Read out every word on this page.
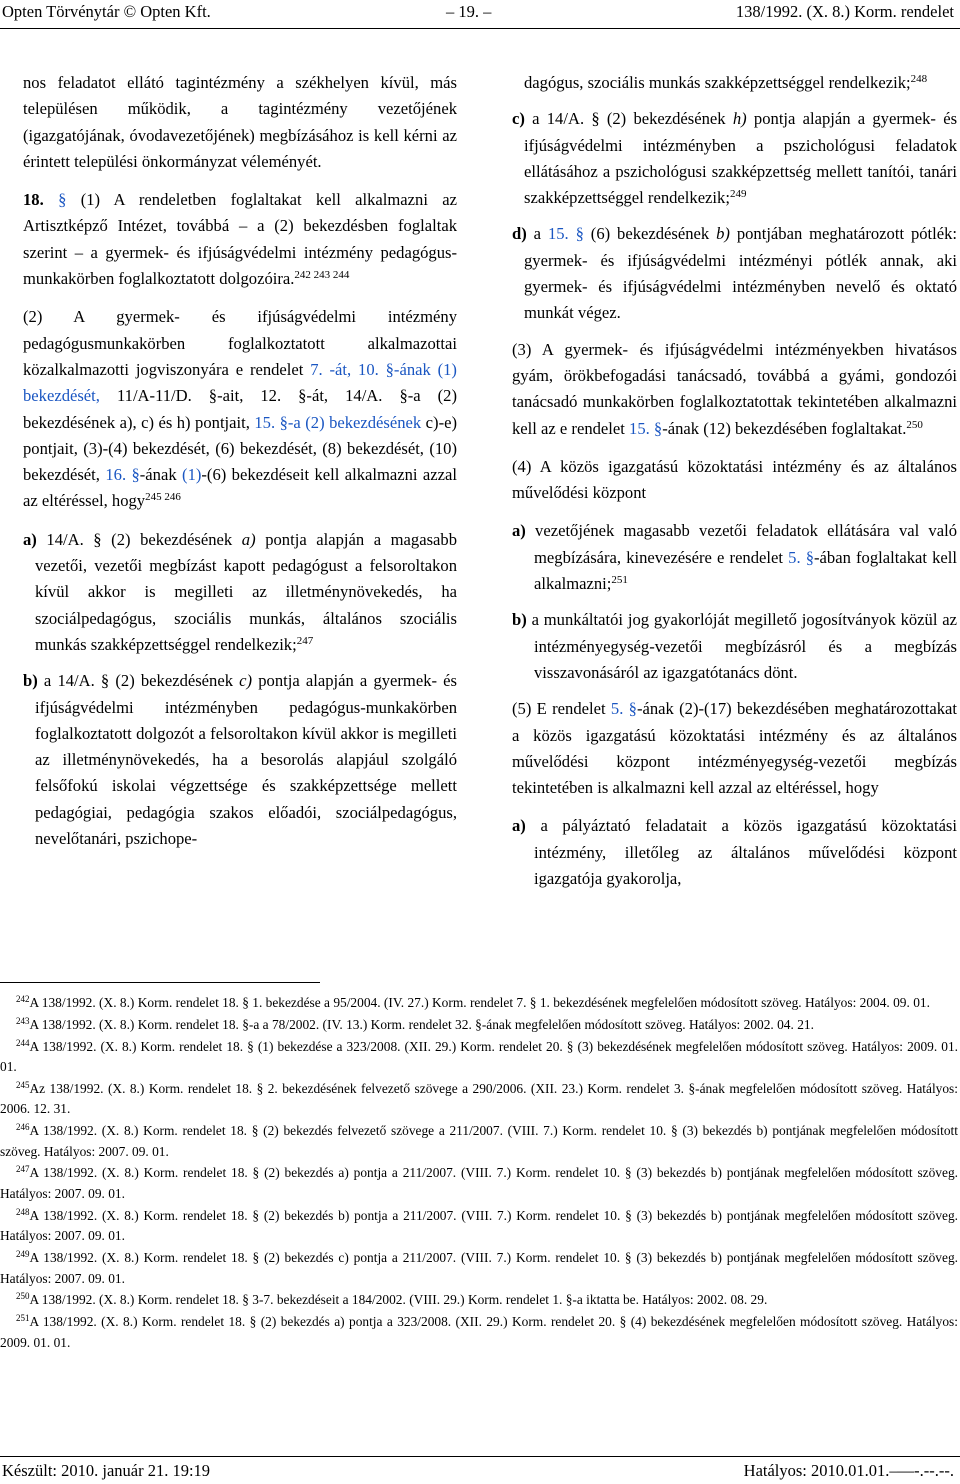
Opten Törvénytár © Opten Kft.	– 19. –	138/1992. (X. 8.) Korm. rendelet

nos feladatot ellátó tagintézmény a székhelyen kívül, más településen működik, a tagintézmény vezetőjének (igazgatójának, óvodavezetőjének) megbízásához is kell kérni az érintett települési önkormányzat véleményét.

18. § (1) A rendeletben foglaltakat kell alkalmazni az Artisztképző Intézet, továbbá – a (2) bekezdésben foglaltak szerint – a gyermek- és ifjúságvédelmi intézmény pedagógus-munkakörben foglalkoztatott dolgozóira.$^{242 243 244}$

(2) A gyermek- és ifjúságvédelmi intézmény pedagógusmunkakörben foglalkoztatott alkalmazottai közalkalmazotti jogviszonyára e rendelet 7. -át, 10. §-ának (1) bekezdését, 11/A-11/D. §-ait, 12. §-át, 14/A. §-a (2) bekezdésének a), c) és h) pontjait, 15. §-a (2) bekezdésének c)-e) pontjait, (3)-(4) bekezdését, (6) bekezdését, (8) bekezdését, (10) bekezdését, 16. §-ának (1)-(6) bekezdéseit kell alkalmazni azzal az eltéréssel, hogy$^{245 246}$

a) 14/A. § (2) bekezdésének a) pontja alapján a magasabb vezetői, vezetői megbízást kapott pedagógust a felsoroltakon kívül akkor is megilleti az illetménynövekedés, ha szociálpedagógus, szociális munkás, általános szociális munkás szakképzettséggel rendelkezik;$^{247}$

b) a 14/A. § (2) bekezdésének c) pontja alapján a gyermek- és ifjúságvédelmi intézményben pedagógus-munkakörben foglalkoztatott dolgozót a felsoroltakon kívül akkor is megilleti az illetménynövekedés, ha a besorolás alapjául szolgáló felsőfokú iskolai végzettsége és szakképzettsége mellett pedagógiai, pedagógia szakos előadói, szociálpedagógus, nevelőtanári, pszichope-

dagógus, szociális munkás szakképzettséggel rendelkezik;$^{248}$

c) a 14/A. § (2) bekezdésének h) pontja alapján a gyermek- és ifjúságvédelmi intézményben a pszichológusi feladatok ellátásához a pszichológusi szakképzettség mellett tanítói, tanári szakképzettséggel rendelkezik;$^{249}$

d) a 15. § (6) bekezdésének b) pontjában meghatározott pótlék: gyermek- és ifjúságvédelmi intézményi pótlék annak, aki gyermek- és ifjúságvédelmi intézményben nevelő és oktató munkát végez.

(3) A gyermek- és ifjúságvédelmi intézményekben hivatásos gyám, örökbefogadási tanácsadó, továbbá a gyámi, gondozói tanácsadó munkakörben foglalkoztatottak tekintetében alkalmazni kell az e rendelet 15. §-ának (12) bekezdésében foglaltakat.$^{250}$

(4) A közös igazgatású közoktatási intézmény és az általános művelődési központ

a) vezetőjének magasabb vezetői feladatok ellátására val való megbízására, kinevezésére e rendelet 5. §-ában foglaltakat kell alkalmazni;$^{251}$

b) a munkáltatói jog gyakorlóját megillető jogosítványok közül az intézményegység-vezetői megbízásról és a megbízás visszavonásáról az igazgatótanács dönt.

(5) E rendelet 5. §-ának (2)-(17) bekezdésében meghatározottakat a közös igazgatású közoktatási intézmény és az általános művelődési központ intézményegység-vezetői megbízás tekintetében is alkalmazni kell azzal az eltéréssel, hogy

a) a pályáztató feladatait a közös igazgatású közoktatási intézmény, illetőleg az általános művelődési központ igazgatója gyakorolja,

$^{242}$A 138/1992. (X. 8.) Korm. rendelet 18. § 1. bekezdése a 95/2004. (IV. 27.) Korm. rendelet 7. § 1. bekezdésének megfelelően módosított szöveg. Hatályos: 2004. 09. 01.

$^{243}$A 138/1992. (X. 8.) Korm. rendelet 18. §-a a 78/2002. (IV. 13.) Korm. rendelet 32. §-ának megfelelően módosított szöveg. Hatályos: 2002. 04. 21.

$^{244}$A 138/1992. (X. 8.) Korm. rendelet 18. § (1) bekezdése a 323/2008. (XII. 29.) Korm. rendelet 20. § (3) bekezdésének megfelelően módosított szöveg. Hatályos: 2009. 01. 01.

$^{245}$Az 138/1992. (X. 8.) Korm. rendelet 18. § 2. bekezdésének felvezető szövege a 290/2006. (XII. 23.) Korm. rendelet 3. §-ának megfelelően módosított szöveg. Hatályos: 2006. 12. 31.

$^{246}$A 138/1992. (X. 8.) Korm. rendelet 18. § (2) bekezdés felvezető szövege a 211/2007. (VIII. 7.) Korm. rendelet 10. § (3) bekezdés b) pontjának megfelelően módosított szöveg. Hatályos: 2007. 09. 01.

$^{247}$A 138/1992. (X. 8.) Korm. rendelet 18. § (2) bekezdés a) pontja a 211/2007. (VIII. 7.) Korm. rendelet 10. § (3) bekezdés b) pontjának megfelelően módosított szöveg. Hatályos: 2007. 09. 01.

$^{248}$A 138/1992. (X. 8.) Korm. rendelet 18. § (2) bekezdés b) pontja a 211/2007. (VIII. 7.) Korm. rendelet 10. § (3) bekezdés b) pontjának megfelelően módosított szöveg. Hatályos: 2007. 09. 01.

$^{249}$A 138/1992. (X. 8.) Korm. rendelet 18. § (2) bekezdés c) pontja a 211/2007. (VIII. 7.) Korm. rendelet 10. § (3) bekezdés b) pontjának megfelelően módosított szöveg. Hatályos: 2007. 09. 01.

$^{250}$A 138/1992. (X. 8.) Korm. rendelet 18. § 3-7. bekezdéseit a 184/2002. (VIII. 29.) Korm. rendelet 1. §-a iktatta be. Hatályos: 2002. 08. 29.

$^{251}$A 138/1992. (X. 8.) Korm. rendelet 18. § (2) bekezdés a) pontja a 323/2008. (XII. 29.) Korm. rendelet 20. § (4) bekezdésének megfelelően módosított szöveg. Hatályos: 2009. 01. 01.

Készült: 2010. január 21. 19:19	Hatályos: 2010.01.01.–—-.--.--.
